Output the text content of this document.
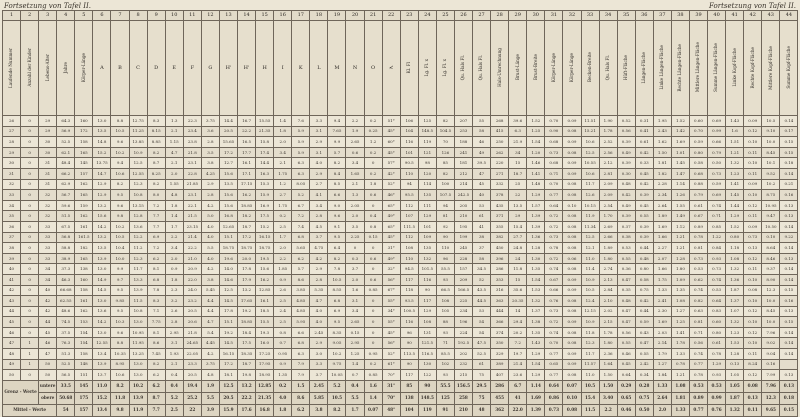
Fortsetzung von Tafel II.	Fortsetzung von Tafel II.
1	2	3	4	5	6	7	8	9	10	11	12	13	14	15	16	17	18	19	20	21	22	23	24	25	26	27	28	29	30	31	32	33	34	35	36	37	38	39	40	41	42	43	44
Laufende Nummer	Anzahl der Kinder	Lebens-Alter	Jahre	Körper-Länge	A	B	C	D	E	F	G	H'	H'	H	I	K	L	M	N	O	≮	Kl. Fl	Lg. Fl. x	Lg. Fl. x	Qu. Hals Fl.	Qu. Hals Fl.	Hals-Umrechnung	Brust-Länge	Brust-Breite	Körper-Länge	Körper-Länge	Becken-Breite	Qu. Hals Fl.	Hüft-Fläche	Längen-Fläche	Linke Längen-Fläche	Rechte Längen-Fläche	Mittlere Längen-Fläche	Summe Längen-Fläche	Linke Kopf-Fläche	Rechte Kopf-Fläche	Mittlere Kopf-Fläche	Summe Kopf-Fläche
26	0	29	64.3	160	13.0	8.8	12.75	8.3	1.3	22.3	3.75	14.4	16.7	15.55	1.4	7.6	3.3	9.4	2.2	0.2	51°	106	125	82	207	55	268	39.6	1.52	0.70	0.09	11.51	1.90	0.52	0.31	1.95	1.52	0.60	0.69	1.43	0.09	10.5	0.14
27	0	29	56.9	172	13.5	10.5	11.25	8.15	2.1	23.4	3.6	20.5	22.2	21.35	1.8	5.9	3.1	7.65	1.9	0.25	45°	104	148.5	104.5	253	58	415	6.3	1.25	0.90	0.08	15.21	1.78	0.56	0.41	2.43	1.42	0.70	0.99	1.6	0.12	9.10	0.17
28	0	30	52.5	158	14.8	9.6	13.85	8.85	1.15	23.8	2.8	15.65	16.5	15.8	2.0	5.9	2.9	9.9	2.65	1.2	60°	116	119	70	188	46	250	21.9	1.54	0.68	0.09	10.6	2.52	0.39	0.61	1.62	1.69	0.59	0.66	1.51	0.10	10.0	0.15
29	0	30	62.1	165	15.2	10.2	10.9	8.2	4.7	21.8	3.5	17.2	17.7	17.4	3.4	5.9	3.1	5.7	0.6	0.2	45°	101	121	126	241	49	262	34	1.20	0.73	0.08	12.5	2.56	0.49	0.42	1.50	1.01	0.80	0.79	1.21	0.11	8.45	0.15
30	0	31	48.4	145	13.75	9.4	12.5	8.7	2.1	23.1	3.8	12.7	16.1	14.4	2.1	6.3	4.0	8.2	3.4	0	57°	90.5	98	85	181	39.5	220	15	1.46	0.68	0.09	10.55	2.12	0.39	0.33	1.81	1.45	0.58	0.50	1.32	0.10	10.1	0.18
31	0	31	66.2	157	14.7	10.6	12.55	8.25	2.0	22.8	4.25	15.6	17.1	16.3	1.75	6.3	2.9	8.4	1.65	0.2	42°	110	120	82	212	47	271	18.7	1.41	0.71	0.09	10.6	2.81	0.30	0.45	1.82	1.47	0.68	0.73	1.23	0.11	9.52	0.14
32	0	31	62.9	162	12.9	8.2	12.3	8.2	1.55	21.85	2.9	13.5	17.15	15.3	1.2	8.05	2.7	8.5	2.1	1.8	52°	94	114	100	214	45	332	25	1.48	0.70	0.08	11.7	2.09	0.48	0.42	2.28	1.14	0.88	0.59	1.41	0.09	10.2	0.21
33	0	32	56.7	165	12.9	9.5	10.8	8.0	4.8	23.1	2.8	15.6	16.2	15.9	2.7	5.2	4.1	6.6	1.3	0.6	46°	95.5	135	107.5	242.5	40	378	22	1.29	0.77	0.08	12.6	2.09	0.42	0.39	2.34	1.26	0.79	0.69	1.45	0.10	8.75	0.16
34	0	32	59.6	159	13.2	9.6	13.15	7.2	1.8	22.1	4.2	15.6	18.85	16.9	1.75	6.7	3.4	9.0	2.05	0	65°	112	111	94	205	53	435	13.5	1.57	0.64	0.10	10.15	2.54	0.49	0.45	2.64	1.55	0.61	0.74	1.44	0.12	10.95	0.13
35	0	32	51.5	162	15.6	9.8	12.8	7.7	1.4	21.5	5.0	16.8	18.2	17.5	0.2	7.2	2.8	9.6	2.0	0.4	49°	107	129	81	210	61	371	29	1.39	0.72	0.08	11.9	1.70	0.39	0.55	1.89	1.49	0.67	0.71	1.29	0.11	9.47	0.13
36	0	33	67.5	161	14.2	10.2	13.6	7.7	1.7	23.15	4.0	12.65	18.7	15.2	2.5	7.4	4.5	9.1	3.5	0.8	65°	111.5	101	92	195	41	355	15.4	1.39	0.72	0.08	11.34	2.69	0.37	0.39	1.69	1.12	0.89	0.85	1.52	0.09	10.50	0.14
37	0	33	56.8	161.5	13.2	10.5	12.2	6.9	2.2	21.4	4.0	15.1	17.2	16.15	1.7	6.8	3.7	9.5	2.25	0.15	45°	112	109	90	199	38	382	27.7	1.36	0.73	0.08	12.5	2.66	0.38	0.39	1.66	1.21	0.78	1.22	0.80	0.73	0.10	9.22
38	0	33	58.8	182	13.5	10.4	11.2	7.2	3.4	22.2	5.5	18.75	18.75	18.75	2.0	5.65	4.75	6.4	0	0	31°	108	135	110	245	37	450	24.8	1.28	0.78	0.08	12.1	1.89	0.53	0.44	2.27	1.21	0.81	0.84	1.18	0.13	8.64	0.14
39	0	33	38.9	165	13.9	10.0	12.3	6.2	2.0	21.0	4.0	19.6	20.0	19.5	2.2	6.2	4.2	8.2	0.3	0.6	49°	110	132	96	228	58	396	24	1.30	0.72	0.06	11.0	1.80	0.55	0.48	2.07	1.28	0.73	0.93	1.08	0.12	8.46	0.13
40	0	34	37.3	138	13.0	9.9	11.7	8.1	0.9	20.9	4.2	14.0	17.8	15.6	1.85	5.7	2.9	7.8	3.7	0	32°	94.5	101.5	55.5	157	34.5	286	11.8	1.35	0.74	0.08	11.4	2.74	0.36	0.80	1.66	1.80	0.53	0.73	1.32	0.11	9.37	0.14
41	0	34	46.3	160	14.9	9.7	13.3	6.8	1.8	22.0	3.8	14.6	17.9	16.2	0.9	8.6	2.8	10.5	2.0	0.6	56°	117	116	93	209	52	353	15	1.54	0.67	0.09	10.9	2.13	0.47	0.58	1.75	1.09	0.62	0.74	1.36	0.10	8.90	0.14
42	0	40	66.68	158	14.5	9.5	13.9	7.8	2.3	24.0	5.45	12.5	13.2	12.85	2.6	3.85	5.35	8.55	1.6	0.85	67°	118	90	66.5	166.5	43.5	316	35.6	1.53	0.66	0.09	10.5	2.84	0.35	0.75	1.33	1.35	0.74	0.53	1.87	0.08	12.3	0.15
43	0	42	62.55	161	13.0	9.85	11.5	8.3	3.2	23.2	4.4	14.5	17.65	16.1	2.5	4.85	4.7	6.8	3.1	0	55°	93.5	117	108	225	44.5	363	20.35	1.32	0.76	0.08	12.4	2.10	0.48	0.42	2.41	1.08	0.82	0.64	1.37	0.10	10.0	0.16
44	0	42	48.6	162	13.6	9.5	10.8	7.1	2.6	20.5	4.4	17.8	19.2	18.5	2.4	4.85	4.0	6.9	3.4	0	34°	100.5	129	105	234	53	444	14	1.37	0.73	0.08	12.15	2.02	0.47	0.44	2.30	1.27	0.63	0.83	1.07	0.12	8.45	0.13
45	0	44	74.5	153	14.2	10.3	13.0	7.75	2.8	20.6	4.7	15.1	18.85	15.5	2.5	5.95	4.0	9.5	2.65	0	55°	116	108	88	196	54	366	29.4	1.38	0.72	0.09	10.9	2.15	0.47	0.59	1.69	1.25	0.81	0.60	1.32	0.10	10.0	0.15
46	0	45	37.5	154	13.0	9.6	10.95	8.1	2.95	21.8	5.4	19.2	18.4	19.3	0.8	6.6	2.45	8.35	0.15	0	45°	96	131	93	224	54	374	20.2	1.35	0.74	0.08	11.8	1.78	0.56	0.43	2.03	1.41	0.71	0.80	1.23	0.12	7.96	0.14
47	1	46	76.3	154	12.55	8.8	11.95	8.6	3.1	24.65	4.45	14.5	17.5	16.0	0.7	6.8	2.9	9.05	2.95	0	56°	90	121.5	71	192.5	47.5	350	7.2	1.43	0.70	0.08	12.3	1.80	0.55	0.47	2.14	1.78	0.56	0.61	1.53	0.10	9.02	0.14
48	1	47	51.3	158	13.4	10.35	13.25	7.45	1.93	22.05	4.2	16.15	18.35	17.25	0.95	6.3	3.0	10.2	1.25	0.95	52°	113.5	116.5	85.5	202	52.5	329	19.7	1.29	0.77	0.09	11.7	2.36	0.46	0.55	1.79	1.33	0.74	0.78	1.28	0.11	9.04	0.14
49	1	50	52.5	148	13.9	8.95	13.0	8.2	2.1	23.3	3.75	17.2	18.7	17.95	0.9	7.9	3.3	9.75	1.4	0.2	61°	90	130	102	232	61	389	21.4	1.54	0.65	0.09	11.57	1.64	0.45	2.42	1.27	0.78	0.77	1.29	0.13	8.24	0.16	
50	0	50	56.5	151	13.7	10.6	13.0	6.2	0.4	20.5	4.8	18.1	19.8	18.95	1.35	7.9	3.7	10.05	0.7	0.85	70°	117	122	93	215	75	407	23.6	1.29	0.77	0.08	11.0	1.50	0.64	0.34	1.84	1.21	0.78	0.93	1.05	0.12	7.99	0.13
Grenz - Werte		untere	33.5	145	11.0	8.2	10.2	6.2	0.4	19.4	1.9	12.5	13.2	12.85	0.2	1.5	2.45	5.2	0.4	1.6	31°	85	90	55.5	156.5	29.5	286	6.7	1.14	0.64	0.07	10.5	1.50	0.29	0.28	1.33	1.08	0.53	0.53	1.05	0.08	7.96	0.13
		obere	50.68	175	15.2	11.8	13.9	8.7	5.2	25.2	5.5	20.5	22.2	21.35	4.0	8.6	5.85	10.5	5.5	1.4	70°	138	148.5	125	258	75	455	41	1.69	0.86	0.10	15.4	3.40	0.65	0.75	2.64	1.81	0.89	0.99	1.87	0.13	12.3	0.18
Mittel - Werte			54	157	13.4	9.8	11.9	7.7	2.5	22	3.9	15.9	17.6	16.8	1.8	6.2	3.8	8.2	1.7	0.07	48°	104	119	91	210	48	362	22.0	1.39	0.73	0.08	11.5	2.2	0.46	0.50	2.0	1.33	0.77	0.76	1.32	0.11	9.65	0.15
